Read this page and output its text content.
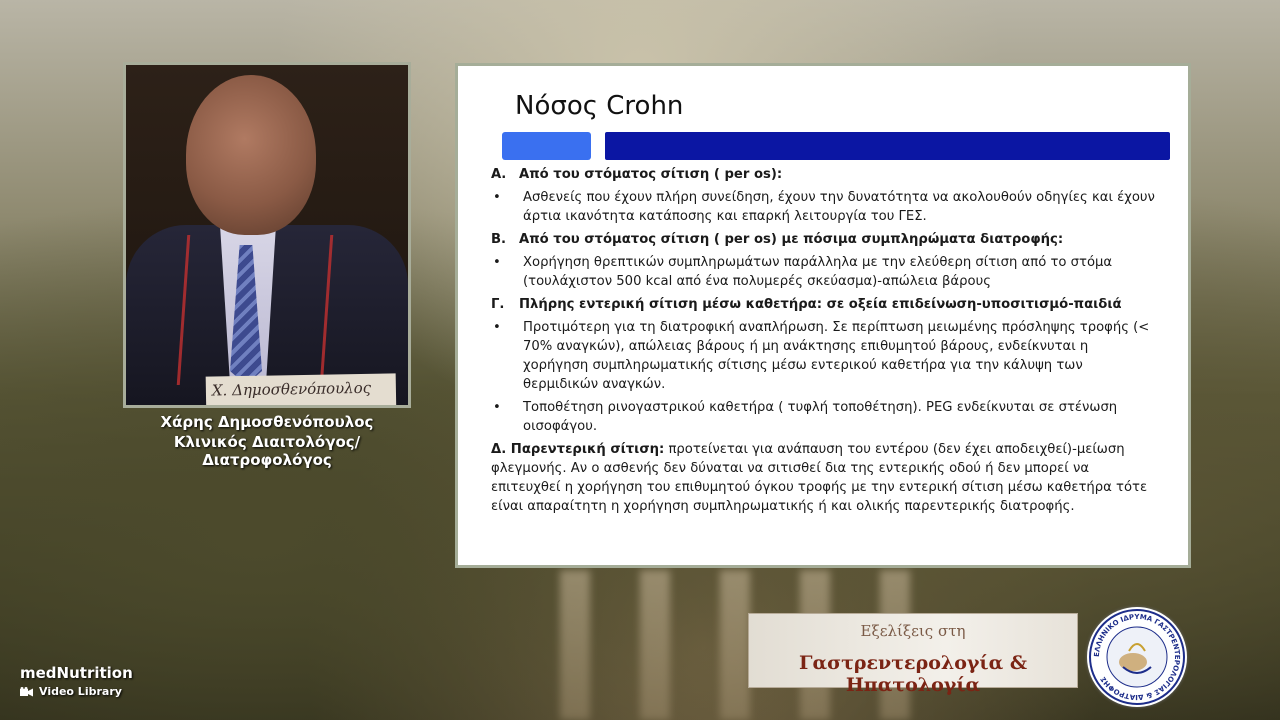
Χ. Δημοσθενόπουλος
Χάρης Δημοσθενόπουλος
Κλινικός Διαιτολόγος/Διατροφολόγος
Νόσος Crohn

Α. Από του στόματος σίτιση ( per os):

•	Ασθενείς που έχουν πλήρη συνείδηση, έχουν την δυνατότητα να ακολουθούν οδηγίες και έχουν άρτια ικανότητα κατάποσης και επαρκή λειτουργία του ΓΕΣ.

Β. Από του στόματος σίτιση ( per os) με πόσιμα συμπληρώματα διατροφής:

•	Χορήγηση θρεπτικών συμπληρωμάτων παράλληλα με την ελεύθερη σίτιση από το στόμα (τουλάχιστον 500 kcal από ένα πολυμερές σκεύασμα)-απώλεια βάρους

Γ. Πλήρης εντερική σίτιση μέσω καθετήρα: σε οξεία επιδείνωση-υποσιτισμό-παιδιά

•	Προτιμότερη για τη διατροφική αναπλήρωση. Σε περίπτωση μειωμένης πρόσληψης τροφής (< 70% αναγκών), απώλειας βάρους ή μη ανάκτησης επιθυμητού βάρους, ενδείκνυται η χορήγηση συμπληρωματικής σίτισης μέσω εντερικού καθετήρα για την κάλυψη των θερμιδικών αναγκών.
•	Τοποθέτηση ρινογαστρικού καθετήρα ( τυφλή τοποθέτηση). PEG ενδείκνυται σε στένωση οισοφάγου.

Δ. Παρεντερική σίτιση: προτείνεται για ανάπαυση του εντέρου (δεν έχει αποδειχθεί)-μείωση φλεγμονής. Αν ο ασθενής δεν δύναται να σιτισθεί δια της εντερικής οδού ή δεν μπορεί να επιτευχθεί η χορήγηση του επιθυμητού όγκου τροφής με την εντερική σίτιση μέσω καθετήρα τότε είναι απαραίτητη η χορήγηση συμπληρωματικής ή και ολικής παρεντερικής διατροφής.

medNutrition
Video Library
Εξελίξεις στη
Γαστρεντερολογία & Ηπατολογία
ΕΛΛΗΝΙΚΟ ΙΔΡΥΜΑ ΓΑΣΤΡΕΝΤΕΡΟΛΟΓΙΑΣ & ΔΙΑΤΡΟΦΗΣ
